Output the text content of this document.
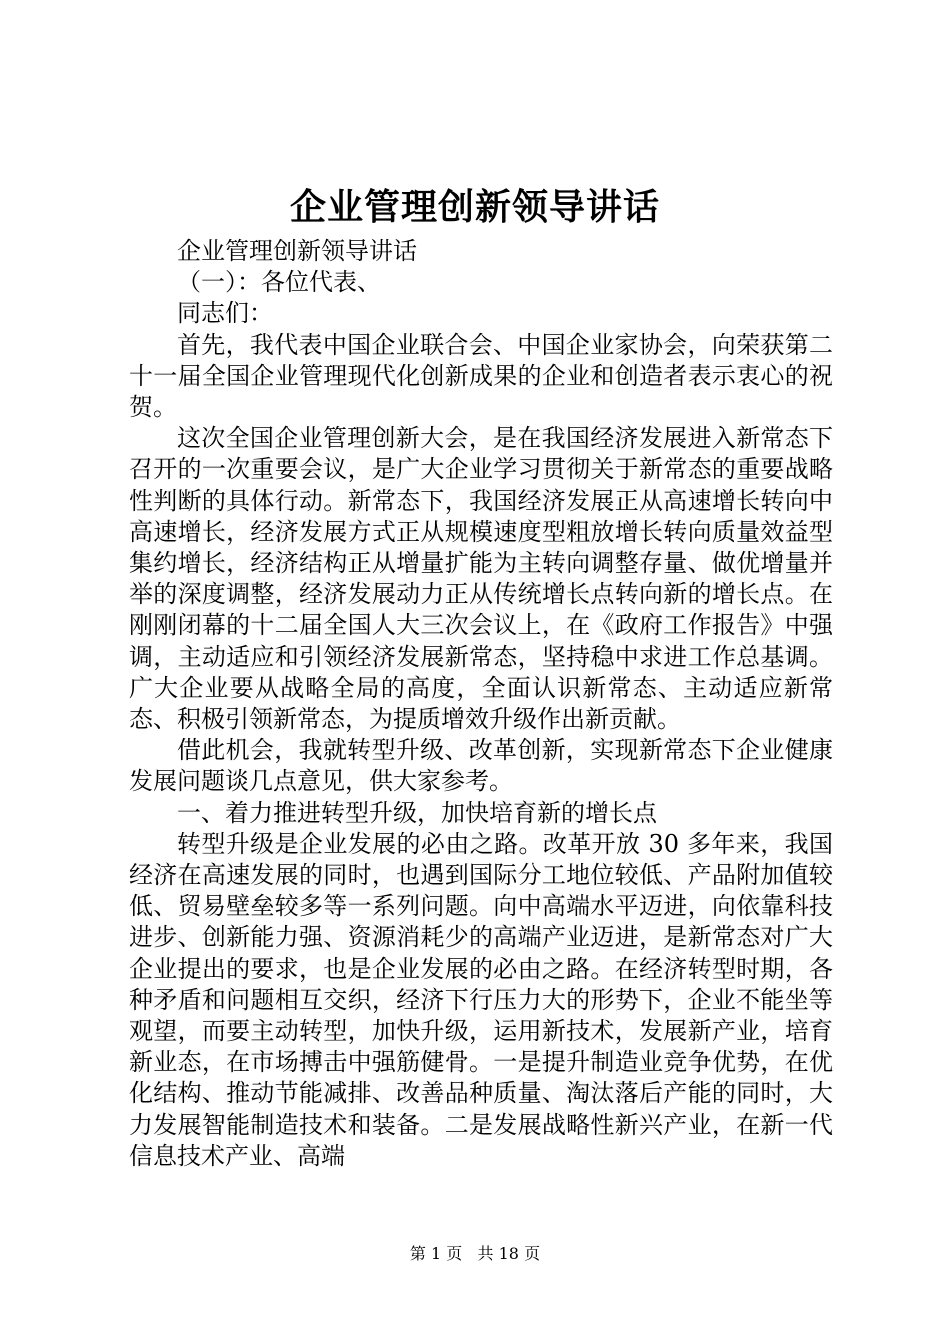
企业管理创新领导讲话

企业管理创新领导讲话

（一）：各位代表、

同志们：

首先，我代表中国企业联合会、中国企业家协会，向荣获第二十一届全国企业管理现代化创新成果的企业和创造者表示衷心的祝贺。

这次全国企业管理创新大会，是在我国经济发展进入新常态下召开的一次重要会议，是广大企业学习贯彻关于新常态的重要战略性判断的具体行动。新常态下，我国经济发展正从高速增长转向中高速增长，经济发展方式正从规模速度型粗放增长转向质量效益型集约增长，经济结构正从增量扩能为主转向调整存量、做优增量并举的深度调整，经济发展动力正从传统增长点转向新的增长点。在刚刚闭幕的十二届全国人大三次会议上，在《政府工作报告》中强调，主动适应和引领经济发展新常态，坚持稳中求进工作总基调。广大企业要从战略全局的高度，全面认识新常态、主动适应新常态、积极引领新常态，为提质增效升级作出新贡献。

借此机会，我就转型升级、改革创新，实现新常态下企业健康发展问题谈几点意见，供大家参考。

一、着力推进转型升级，加快培育新的增长点

转型升级是企业发展的必由之路。改革开放 30 多年来，我国经济在高速发展的同时，也遇到国际分工地位较低、产品附加值较低、贸易壁垒较多等一系列问题。向中高端水平迈进，向依靠科技进步、创新能力强、资源消耗少的高端产业迈进，是新常态对广大企业提出的要求，也是企业发展的必由之路。在经济转型时期，各种矛盾和问题相互交织，经济下行压力大的形势下，企业不能坐等观望，而要主动转型，加快升级，运用新技术，发展新产业，培育新业态，在市场搏击中强筋健骨。一是提升制造业竞争优势，在优化结构、推动节能减排、改善品种质量、淘汰落后产能的同时，大力发展智能制造技术和装备。二是发展战略性新兴产业，在新一代信息技术产业、高端

第 1 页   共 18 页
